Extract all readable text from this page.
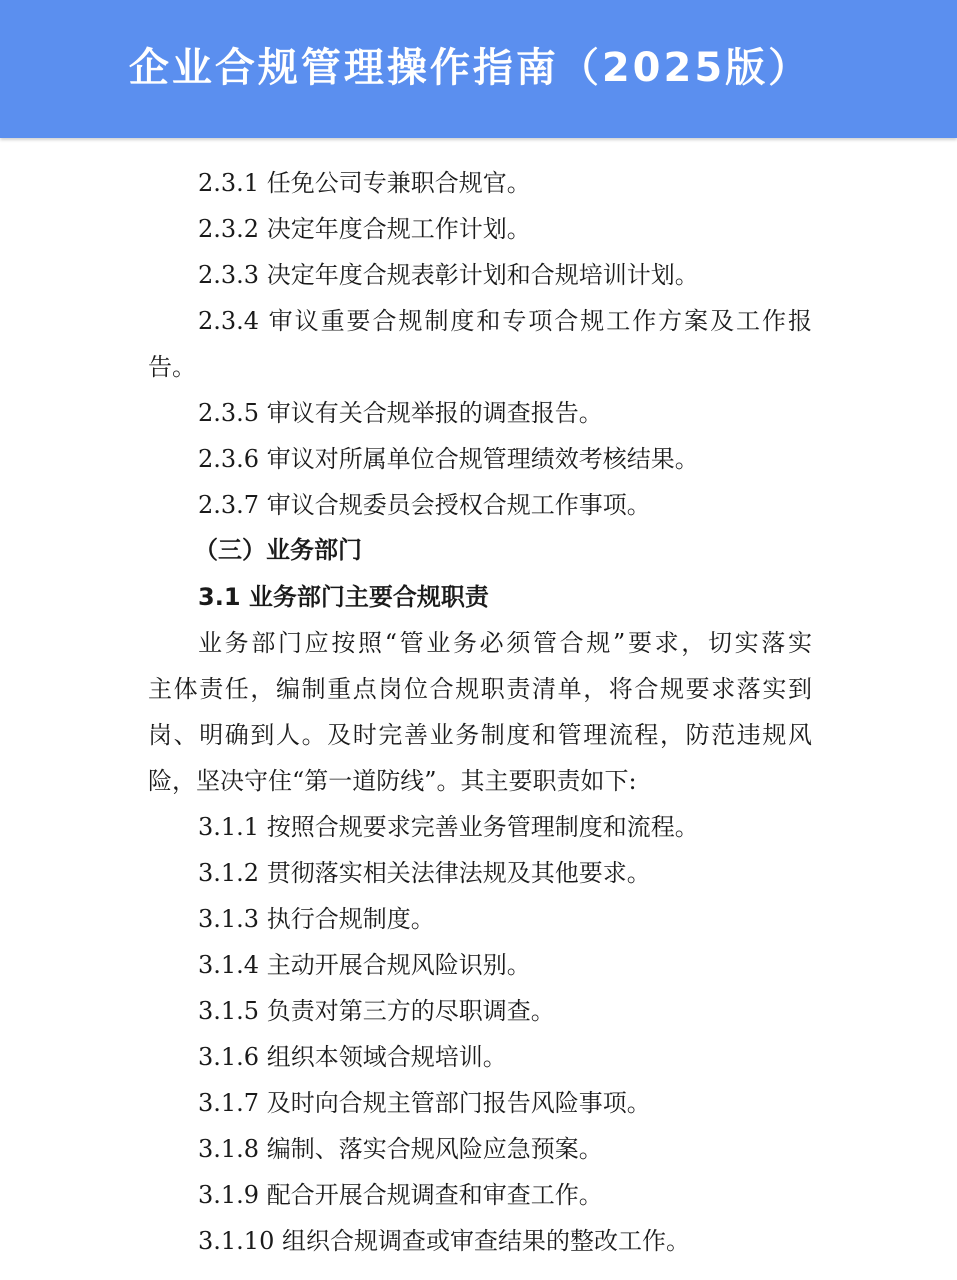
企业合规管理操作指南（2025版）
2.3.1 任免公司专兼职合规官。
2.3.2 决定年度合规工作计划。
2.3.3 决定年度合规表彰计划和合规培训计划。
2.3.4 审议重要合规制度和专项合规工作方案及工作报
告。
2.3.5 审议有关合规举报的调查报告。
2.3.6 审议对所属单位合规管理绩效考核结果。
2.3.7 审议合规委员会授权合规工作事项。
（三）业务部门
3.1 业务部门主要合规职责
业务部门应按照“管业务必须管合规”要求，切实落实
主体责任，编制重点岗位合规职责清单，将合规要求落实到
岗、明确到人。及时完善业务制度和管理流程，防范违规风
险，坚决守住“第一道防线”。其主要职责如下:
3.1.1 按照合规要求完善业务管理制度和流程。
3.1.2 贯彻落实相关法律法规及其他要求。
3.1.3 执行合规制度。
3.1.4 主动开展合规风险识别。
3.1.5 负责对第三方的尽职调查。
3.1.6 组织本领域合规培训。
3.1.7 及时向合规主管部门报告风险事项。
3.1.8 编制、落实合规风险应急预案。
3.1.9 配合开展合规调查和审查工作。
3.1.10 组织合规调查或审查结果的整改工作。
